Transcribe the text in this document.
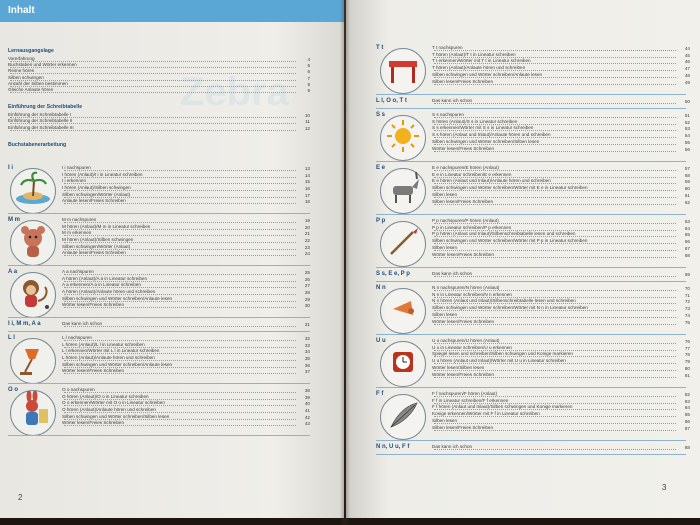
Inhalt
Zebra
Lernausgangslage
Vorerfahrung	4
Buchstaben und Wörter erkennen	5
Reime hören	6
Silben schwingen	7
Anzahl der Silben bestimmen	8
Gleiche Anlaute hören	9
Einführung der Schreibtabelle
Einführung der Schreibtabelle I	10
Einführung der Schreibtabelle II	11
Einführung der Schreibtabelle III	12
Buchstabenerarbeitung
I i	I i nachspuren	13
I hören (Anlaut)/I i in Lineatur schreiben	14
I i erkennen	15
I hören (Anlaut)/Silben schwingen	16
Silben schwingen/Wörter (Anlaut)	17
Anlaute lesen/Freies Schreiben	18
M m	M m nachspuren	19
M hören (Anlaut)/M m in Lineatur schreiben	20
M m erkennen	21
M hören (Anlaut)/Silben schwingen	22
Silben schwingen/Wörter (Anlaut)	23
Anlaute lesen/Freies Schreiben	24
A a	A a nachspuren	25
A hören (Anlaut)/A a in Lineatur schreiben	26
A a erkennen/A a in Lineatur schreiben	27
A hören (Anlaut)/Anlaute hören und schreiben	28
Silben schwingen und Wörter schreiben/Anlaute lesen	29
Wörter lesen/Freies Schreiben	30
I i, M m, A a	Das kann ich schon	31
L l	L l nachspuren	32
L hören (Anlaut)/L l in Lineatur schreiben	33
L l erkennen/Wörter mit L l in Lineatur schreiben	34
L hören (Anlaut)/Anlaute hören und schreiben	35
Silben schwingen und Wörter schreiben/Anlaute lesen	36
Wörter lesen/Freies Schreiben	37
O o	O o nachspuren	38
O hören (Anlaut)/O o in Lineatur schreiben	39
O o erkennen/Wörter mit O o in Lineatur schreiben	40
O hören (Anlaut)/Anlaute hören und schreiben	41
Silben schwingen und Wörter schreiben/Silben lesen	42
Wörter lesen/Freies Schreiben	43
2
T t	T t nachspuren	44
T hören (Anlaut)/T t in Lineatur schreiben	45
T t erkennen/Wörter mit T t in Lineatur schreiben	46
T hören (Anlaut)/Anlaute hören und schreiben	47
Silben schwingen und Wörter schreiben/Anlaute lesen	48
Silben lesen/Freies Schreiben	49
L l, O o, T t	Das kann ich schon	50
S s	S s nachspuren	51
S hören (Anlaut)/S s in Lineatur schreiben	52
S s erkennen/Wörter mit S s in Lineatur schreiben	53
S s hören (Anlaut und Inlaut)/Anlaute hören und schreiben	54
Silben schwingen und Wörter schreiben/Silben lesen	55
Wörter lesen/Freies Schreiben	56
E e	E e nachspuren/E hören (Anlaut)	57
E e in Lineatur schreiben/E e erkennen	58
E e hören (Anlaut und Inlaut)/Anlaute hören und schreiben	59
Silben schwingen und Wörter schreiben/Wörter mit E e in Lineatur schreiben	60
Silben lesen	61
Silben lesen/Freies Schreiben	62
P p	P p nachspuren/P hören (Anlaut)	63
P p in Lineatur schreiben/P p erkennen	64
P p hören (Anlaut und Inlaut)/Silbenschreibtabelle lesen und schreiben	65
Silben schwingen und Wörter schreiben/Wörter mit P p in Lineatur schreiben	66
Silben lesen	67
Wörter lesen/Freies Schreiben	68
S s, E e, P p	Das kann ich schon	69
N n	N n nachspuren/N hören (Anlaut)	70
N n in Lineatur schreiben/N n erkennen	71
N n hören (Anlaut und Inlaut)/Silbenschreibtabelle lesen und schreiben	72
Silben schwingen und Wörter schreiben/Wörter mit N n in Lineatur schreiben	73
Silben lesen	74
Wörter lesen/Freies Schreiben	75
U u	U u nachspuren/U hören (Anlaut)	76
U u in Lineatur schreiben/U u erkennen	77
Spiegel lesen und schreiben/Silben schwingen und Konige markieren	78
U u hören (Anlaut und Inlaut)/Wörter mit U u in Lineatur schreiben	79
Wörter lesen/Silben lesen	80
Wörter lesen/Freies Schreiben	81
F f	F f nachspuren/F hören (Anlaut)	82
F f in Lineatur schreiben/F f erkennen	83
F f hören (Anlaut und Inlaut)/Silben schwingen und Konige markieren	84
Konige erkennen/Wörter mit F f in Lineatur schreiben	85
Silben lesen	86
Silben lesen/Freies Schreiben	87
N n, U u, F f	Das kann ich schon	88
3
